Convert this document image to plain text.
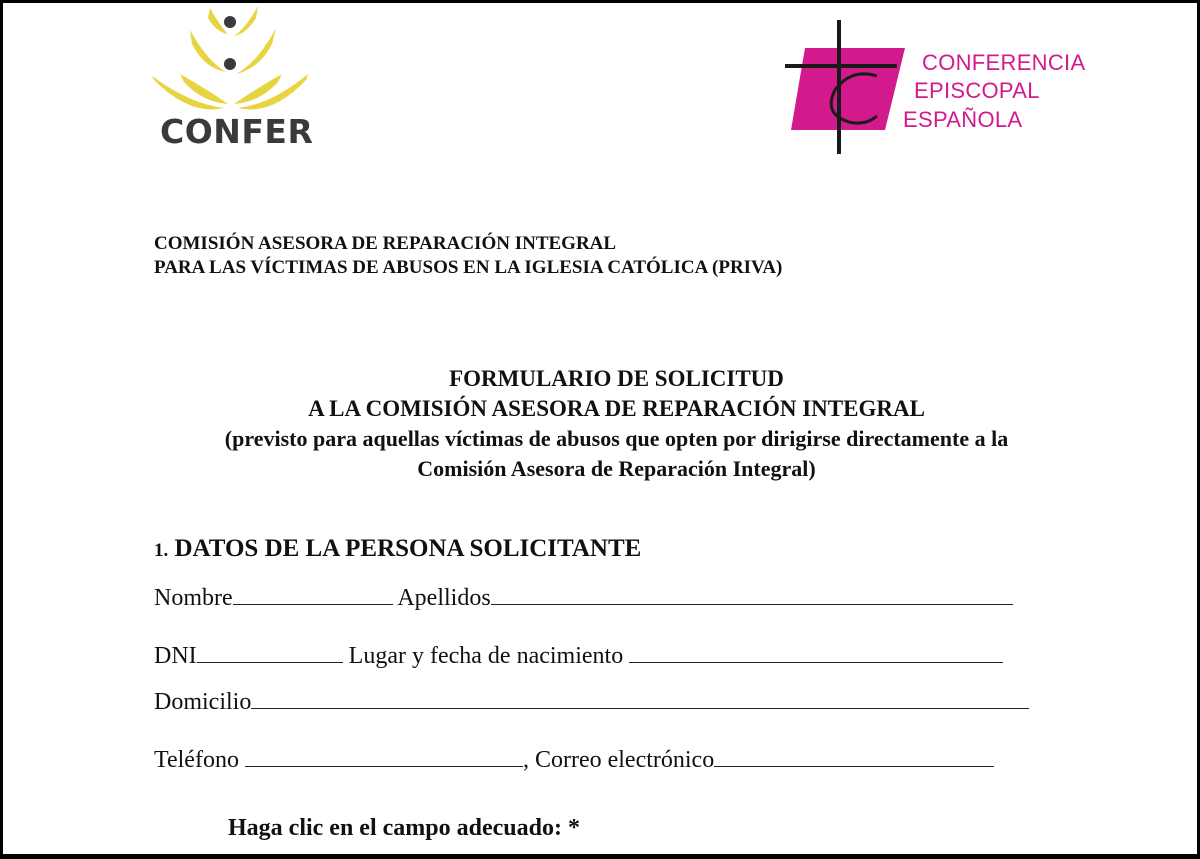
CONFER
CONFERENCIA
EPISCOPAL
ESPAÑOLA
COMISIÓN ASESORA DE REPARACIÓN INTEGRAL
PARA LAS VÍCTIMAS DE ABUSOS EN LA IGLESIA CATÓLICA (PRIVA)
FORMULARIO DE SOLICITUD
A LA COMISIÓN ASESORA DE REPARACIÓN INTEGRAL
(previsto para aquellas víctimas de abusos que opten por dirigirse directamente a la
Comisión Asesora de Reparación Integral)
1. DATOS DE LA PERSONA SOLICITANTE
Nombre	Apellidos
DNI	Lugar y fecha de nacimiento
Domicilio
Teléfono	, Correo electrónico
Haga clic en el campo adecuado: *
